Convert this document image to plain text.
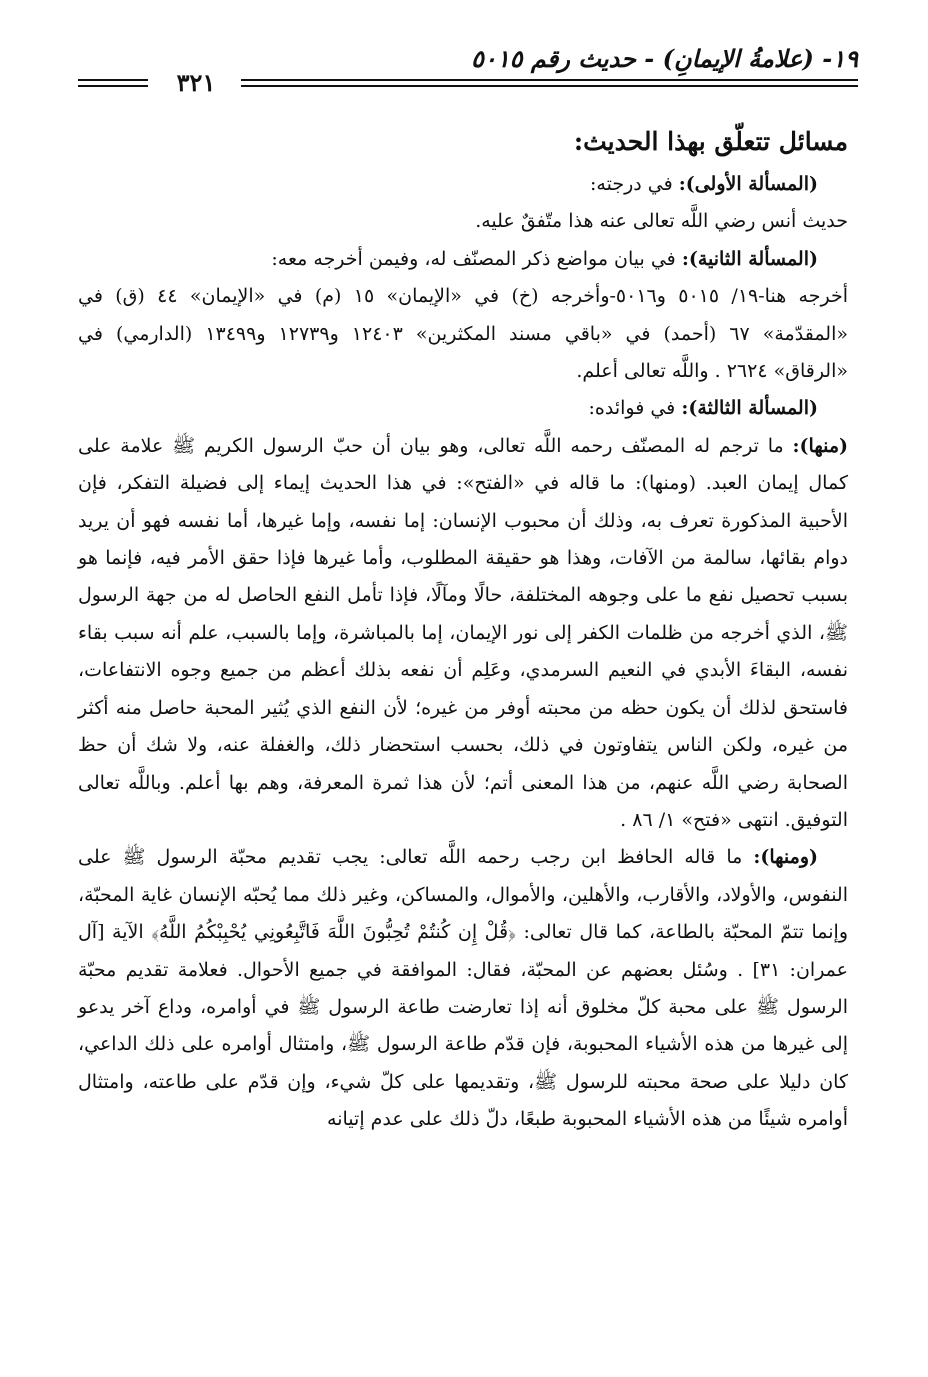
١٩- (علامةُ الإيمانِ) - حديث رقم ٥٠١٥
٣٢١
مسائل تتعلّق بهذا الحديث:

(المسألة الأولى): في درجته:

حديث أنس رضي اللَّه تعالى عنه هذا متّفقٌ عليه.

(المسألة الثانية): في بيان مواضع ذكر المصنّف له، وفيمن أخرجه معه:

أخرجه هنا-١٩/ ٥٠١٥ و٥٠١٦-وأخرجه (خ) في «الإيمان» ١٥ (م) في «الإيمان» ٤٤ (ق) في «المقدّمة» ٦٧ (أحمد) في «باقي مسند المكثرين» ١٢٤٠٣ و١٢٧٣٩ و١٣٤٩٩ (الدارمي) في «الرقاق» ٢٦٢٤ . واللَّه تعالى أعلم.

(المسألة الثالثة): في فوائده:

(منها): ما ترجم له المصنّف رحمه اللَّه تعالى، وهو بيان أن حبّ الرسول الكريم ﷺ علامة على كمال إيمان العبد. (ومنها): ما قاله في «الفتح»: في هذا الحديث إيماء إلى فضيلة التفكر، فإن الأحبية المذكورة تعرف به، وذلك أن محبوب الإنسان: إما نفسه، وإما غيرها، أما نفسه فهو أن يريد دوام بقائها، سالمة من الآفات، وهذا هو حقيقة المطلوب، وأما غيرها فإذا حقق الأمر فيه، فإنما هو بسبب تحصيل نفع ما على وجوهه المختلفة، حالًا ومآلًا، فإذا تأمل النفع الحاصل له من جهة الرسول ﷺ، الذي أخرجه من ظلمات الكفر إلى نور الإيمان، إما بالمباشرة، وإما بالسبب، علم أنه سبب بقاء نفسه، البقاءَ الأبدي في النعيم السرمدي، وعَلِم أن نفعه بذلك أعظم من جميع وجوه الانتفاعات، فاستحق لذلك أن يكون حظه من محبته أوفر من غيره؛ لأن النفع الذي يُثير المحبة حاصل منه أكثر من غيره، ولكن الناس يتفاوتون في ذلك، بحسب استحضار ذلك، والغفلة عنه، ولا شك أن حظ الصحابة رضي اللَّه عنهم، من هذا المعنى أتم؛ لأن هذا ثمرة المعرفة، وهم بها أعلم. وباللَّه تعالى التوفيق. انتهى «فتح» ١/ ٨٦ .

(ومنها): ما قاله الحافظ ابن رجب رحمه اللَّه تعالى: يجب تقديم محبّة الرسول ﷺ على النفوس، والأولاد، والأقارب، والأهلين، والأموال، والمساكن، وغير ذلك مما يُحبّه الإنسان غاية المحبّة، وإنما تتمّ المحبّة بالطاعة، كما قال تعالى: ﴿قُلْ إِن كُنتُمْ تُحِبُّونَ اللَّهَ فَاتَّبِعُونِي يُحْبِبْكُمُ اللَّهُ﴾ الآية [آل عمران: ٣١] . وسُئل بعضهم عن المحبّة، فقال: الموافقة في جميع الأحوال. فعلامة تقديم محبّة الرسول ﷺ على محبة كلّ مخلوق أنه إذا تعارضت طاعة الرسول ﷺ في أوامره، وداع آخر يدعو إلى غيرها من هذه الأشياء المحبوبة، فإن قدّم طاعة الرسول ﷺ، وامتثال أوامره على ذلك الداعي، كان دليلا على صحة محبته للرسول ﷺ، وتقديمها على كلّ شيء، وإن قدّم على طاعته، وامتثال أوامره شيئًا من هذه الأشياء المحبوبة طبعًا، دلّ ذلك على عدم إتيانه
